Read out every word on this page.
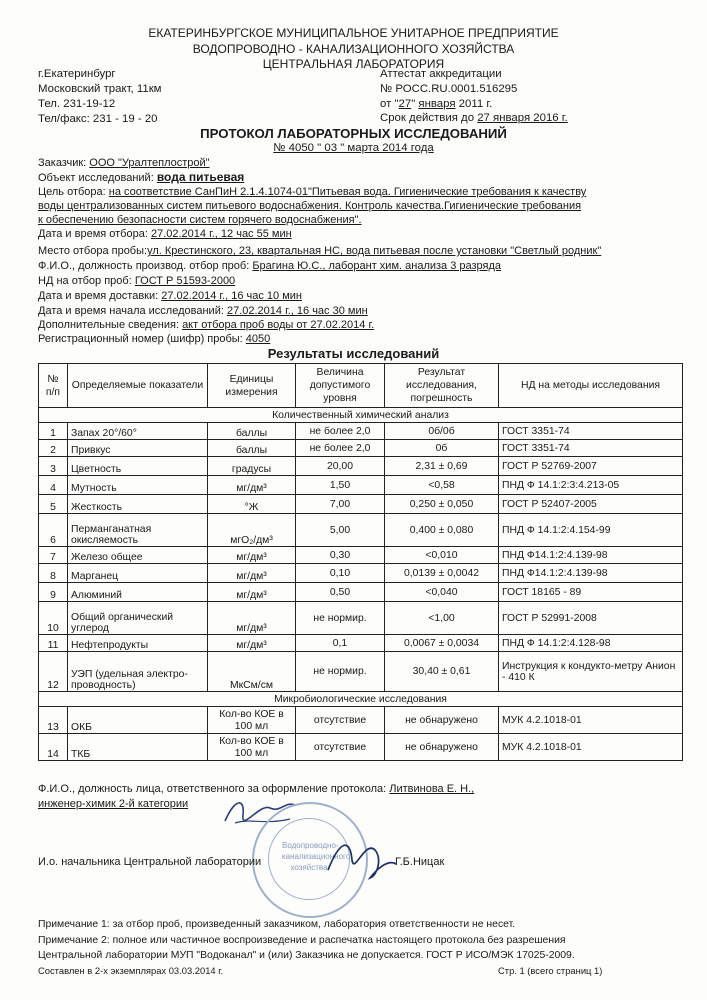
ЕКАТЕРИНБУРГСКОЕ МУНИЦИПАЛЬНОЕ УНИТАРНОЕ ПРЕДПРИЯТИЕ
ВОДОПРОВОДНО - КАНАЛИЗАЦИОННОГО ХОЗЯЙСТВА
ЦЕНТРАЛЬНАЯ ЛАБОРАТОРИЯ
г.Екатеринбург
Московский тракт, 11км
Тел. 231-19-12
Тел/факс: 231 - 19 - 20
Аттестат аккредитации
№ РОСС.RU.0001.516295
от "27" января 2011 г.
Срок действия до 27 января 2016 г.
ПРОТОКОЛ ЛАБОРАТОРНЫХ ИССЛЕДОВАНИЙ
№ 4050 " 03 " марта 2014 года
Заказчик: ООО "Уралтеплострой"
Объект исследований: вода питьевая
Цель отбора: на соответствие СанПиН 2.1.4.1074-01"Питьевая вода. Гигиенические требования к качеству
воды централизованных систем питьевого водоснабжения. Контроль качества.Гигиенические требования
к обеспечению безопасности систем горячего водоснабжения".
Дата и время отбора: 27.02.2014 г., 12 час 55 мин
Место отбора пробы:ул. Крестинского, 23, квартальная НС, вода питьевая после установки "Светлый родник"
Ф.И.О., должность производ. отбор проб: Брагина Ю.С., лаборант хим. анализа 3 разряда
НД на отбор проб: ГОСТ Р 51593-2000
Дата и время доставки: 27.02.2014 г., 16 час 10 мин
Дата и время начала исследований: 27.02.2014 г., 16 час 30 мин
Дополнительные сведения: акт отбора проб воды от 27.02.2014 г.
Регистрационный номер (шифр) пробы: 4050
Результаты исследований
№ п/п	Определяемые показатели	Единицы измерения	Величина допустимого уровня	Результат исследования, погрешность	НД на методы исследования
Количественный химический анализ					
1	Запах 20°/60°	баллы	не более 2,0	0б/0б	ГОСТ 3351-74
2	Привкус	баллы	не более 2,0	0б	ГОСТ 3351-74
3	Цветность	градусы	20,00	2,31 ± 0,69	ГОСТ Р 52769-2007
4	Мутность	мг/дм³	1,50	<0,58	ПНД Ф 14.1:2:3:4.213-05
5	Жесткость	°Ж	7,00	0,250 ± 0,050	ГОСТ Р 52407-2005
6	Перманганатная окисляемость	мгО₂/дм³	5,00	0,400 ± 0,080	ПНД Ф 14.1:2:4.154-99
7	Железо общее	мг/дм³	0,30	<0,010	ПНД Ф14.1:2:4.139-98
8	Марганец	мг/дм³	0,10	0,0139 ± 0,0042	ПНД Ф14.1:2:4.139-98
9	Алюминий	мг/дм³	0,50	<0,040	ГОСТ 18165 - 89
10	Общий органический углерод	мг/дм³	не нормир.	<1,00	ГОСТ Р 52991-2008
11	Нефтепродукты	мг/дм³	0,1	0,0067 ± 0,0034	ПНД Ф 14.1:2:4.128-98
12	УЭП (удельная электро-проводность)	МкСм/см	не нормир.	30,40 ± 0,61	Инструкция к кондукто-метру Анион - 410 К
Микробиологические исследования					
13	ОКБ	Кол-во КОЕ в 100 мл	отсутствие	не обнаружено	МУК 4.2.1018-01
14	ТКБ	Кол-во КОЕ в 100 мл	отсутствие	не обнаружено	МУК 4.2.1018-01
Ф.И.О., должность лица, ответственного за оформление протокола: Литвинова Е. Н.,
инженер-химик 2-й категории
Водопроводно-канализационного хозяйства
И.о. начальника Центральной лаборатории	Г.Б.Ницак
Примечание 1: за отбор проб, произведенный заказчиком, лаборатория ответственности не несет.
Примечание 2: полное или частичное воспроизведение и распечатка настоящего протокола без разрешения
Центральной лаборатории МУП "Водоканал" и (или) Заказчика не допускается. ГОСТ Р ИСО/МЭК 17025-2009.
Составлен в 2-х экземплярах 03.03.2014 г.	Стр. 1 (всего страниц 1)
